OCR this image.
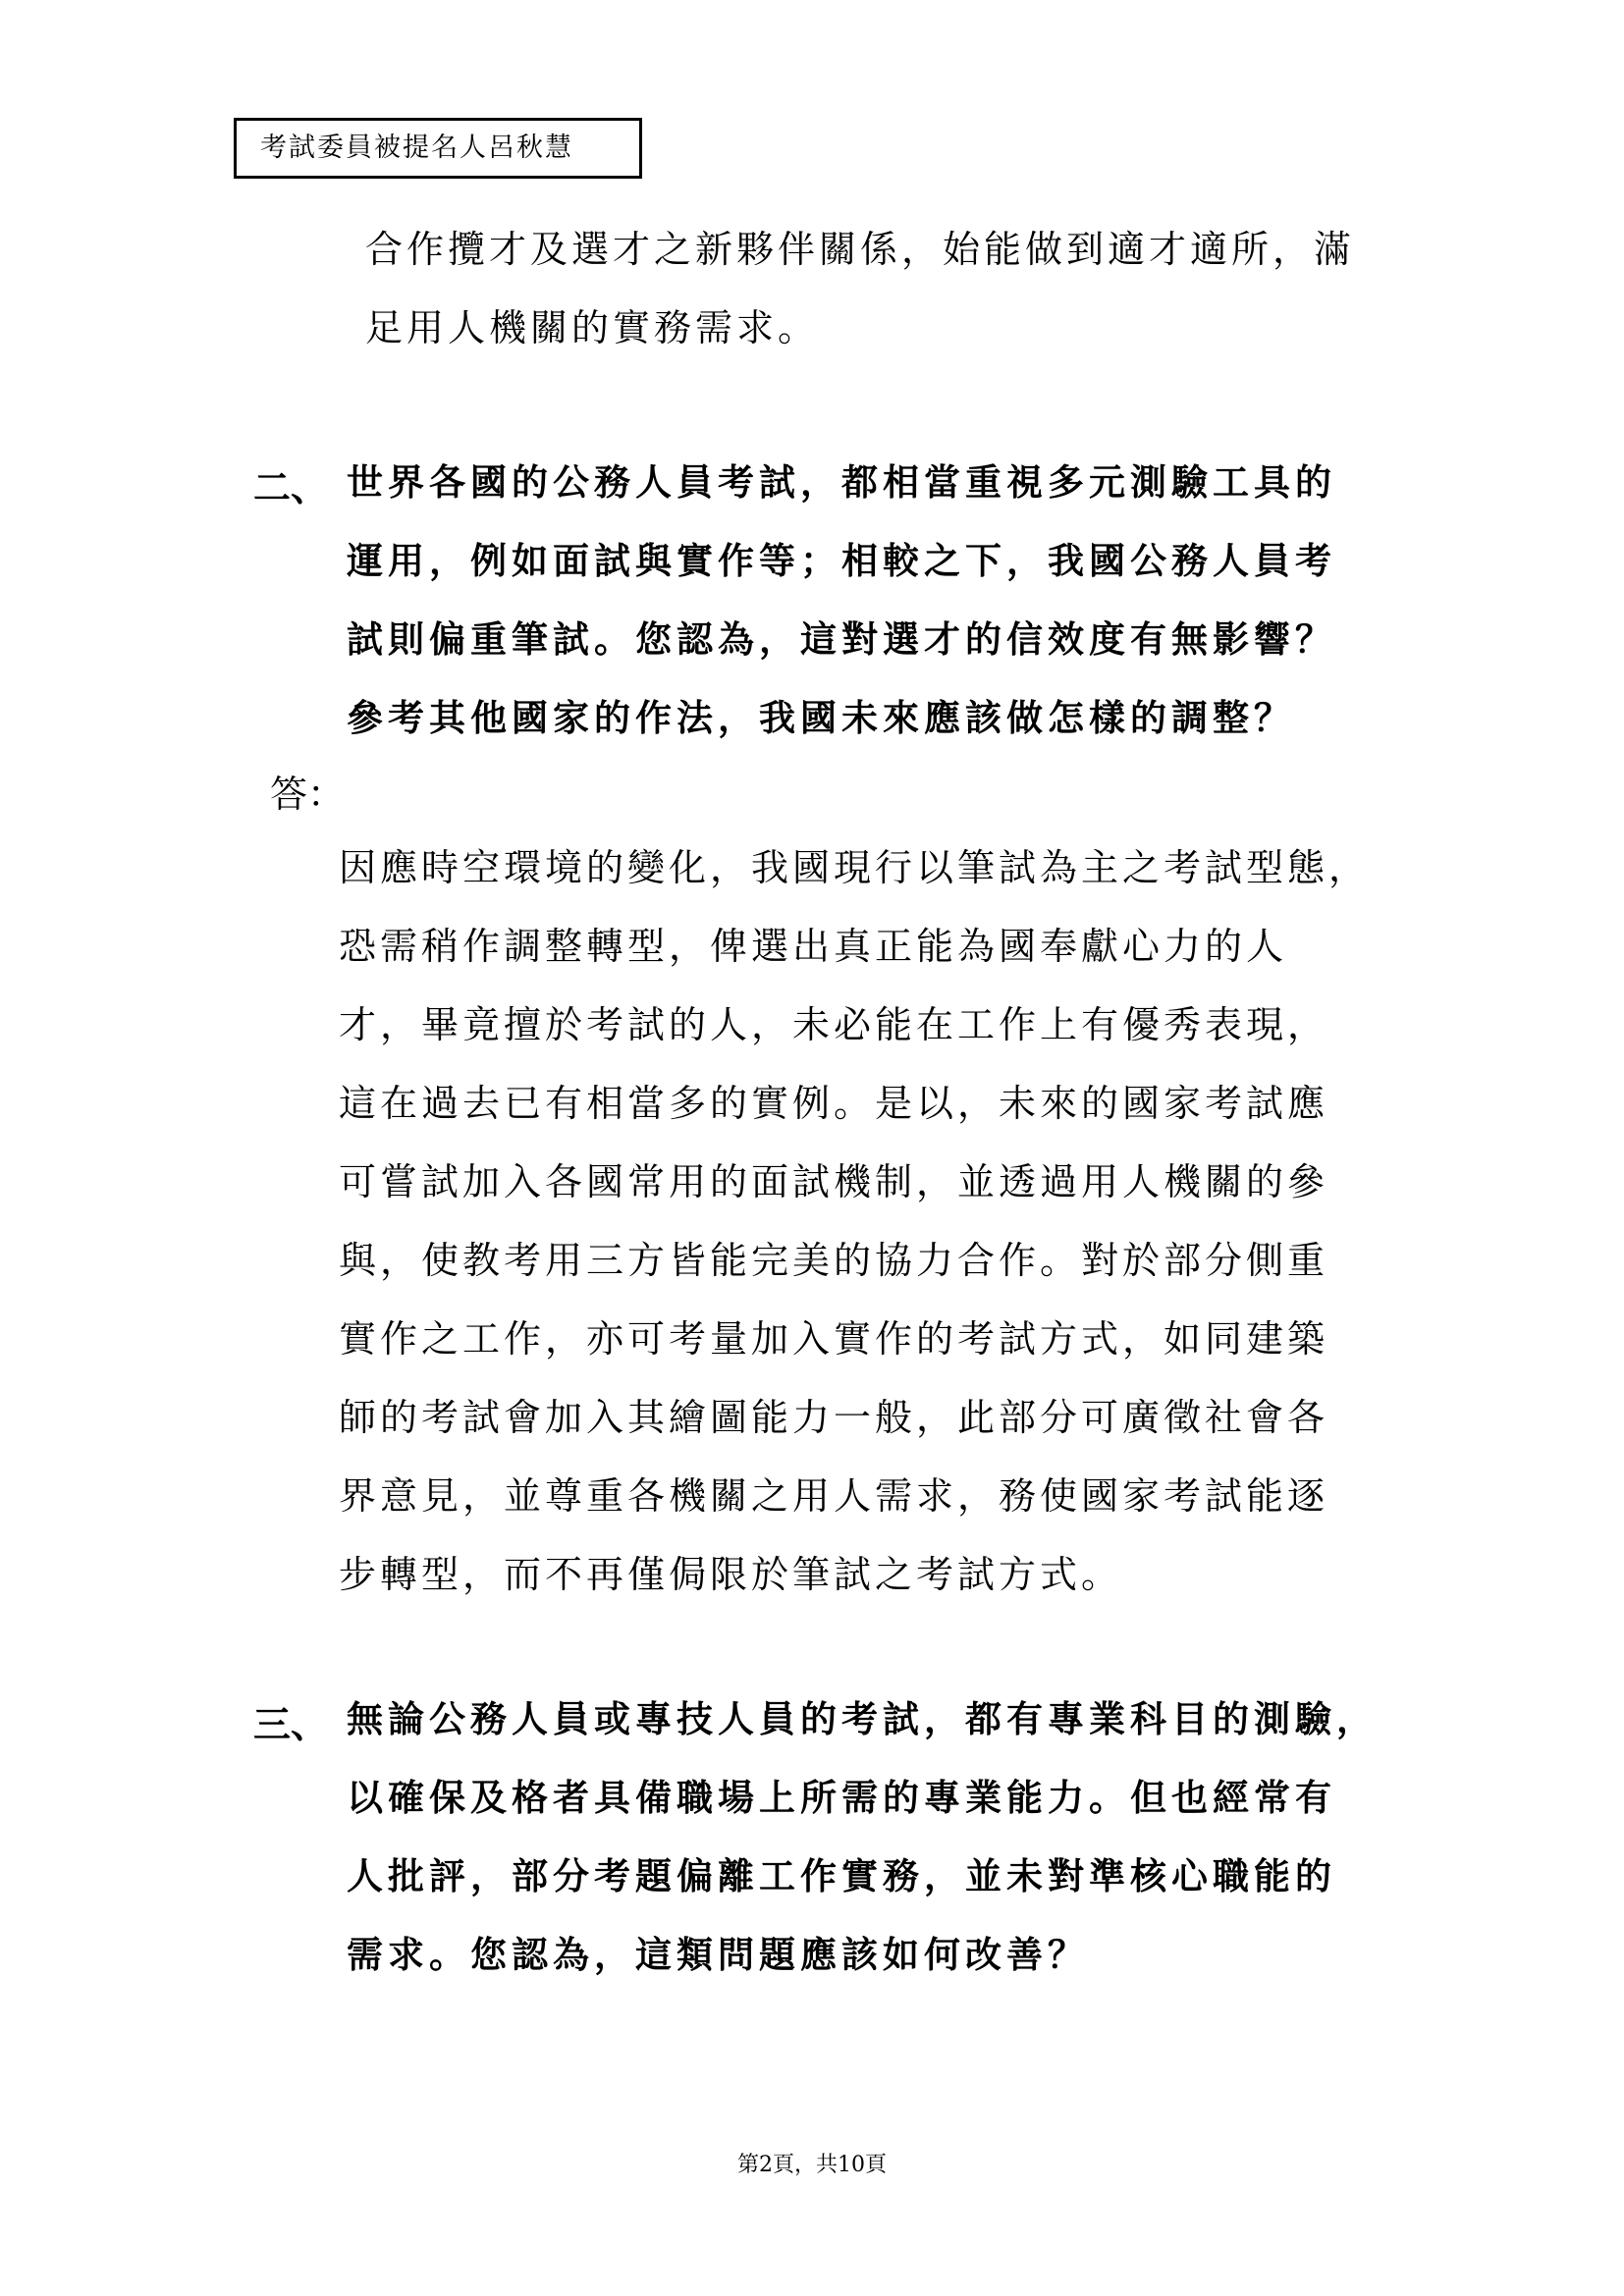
考試委員被提名人呂秋慧
合作攬才及選才之新夥伴關係，始能做到適才適所，滿
足用人機關的實務需求。
二、 世界各國的公務人員考試，都相當重視多元測驗工具的
運用，例如面試與實作等；相較之下，我國公務人員考
試則偏重筆試。您認為，這對選才的信效度有無影響？
參考其他國家的作法，我國未來應該做怎樣的調整？
答：
因應時空環境的變化，我國現行以筆試為主之考試型態，
恐需稍作調整轉型，俾選出真正能為國奉獻心力的人
才，畢竟擅於考試的人，未必能在工作上有優秀表現，
這在過去已有相當多的實例。是以，未來的國家考試應
可嘗試加入各國常用的面試機制，並透過用人機關的參
與，使教考用三方皆能完美的協力合作。對於部分側重
實作之工作，亦可考量加入實作的考試方式，如同建築
師的考試會加入其繪圖能力一般，此部分可廣徵社會各
界意見，並尊重各機關之用人需求，務使國家考試能逐
步轉型，而不再僅侷限於筆試之考試方式。
三、 無論公務人員或專技人員的考試，都有專業科目的測驗，
以確保及格者具備職場上所需的專業能力。但也經常有
人批評，部分考題偏離工作實務，並未對準核心職能的
需求。您認為，這類問題應該如何改善？
第2頁，共10頁
